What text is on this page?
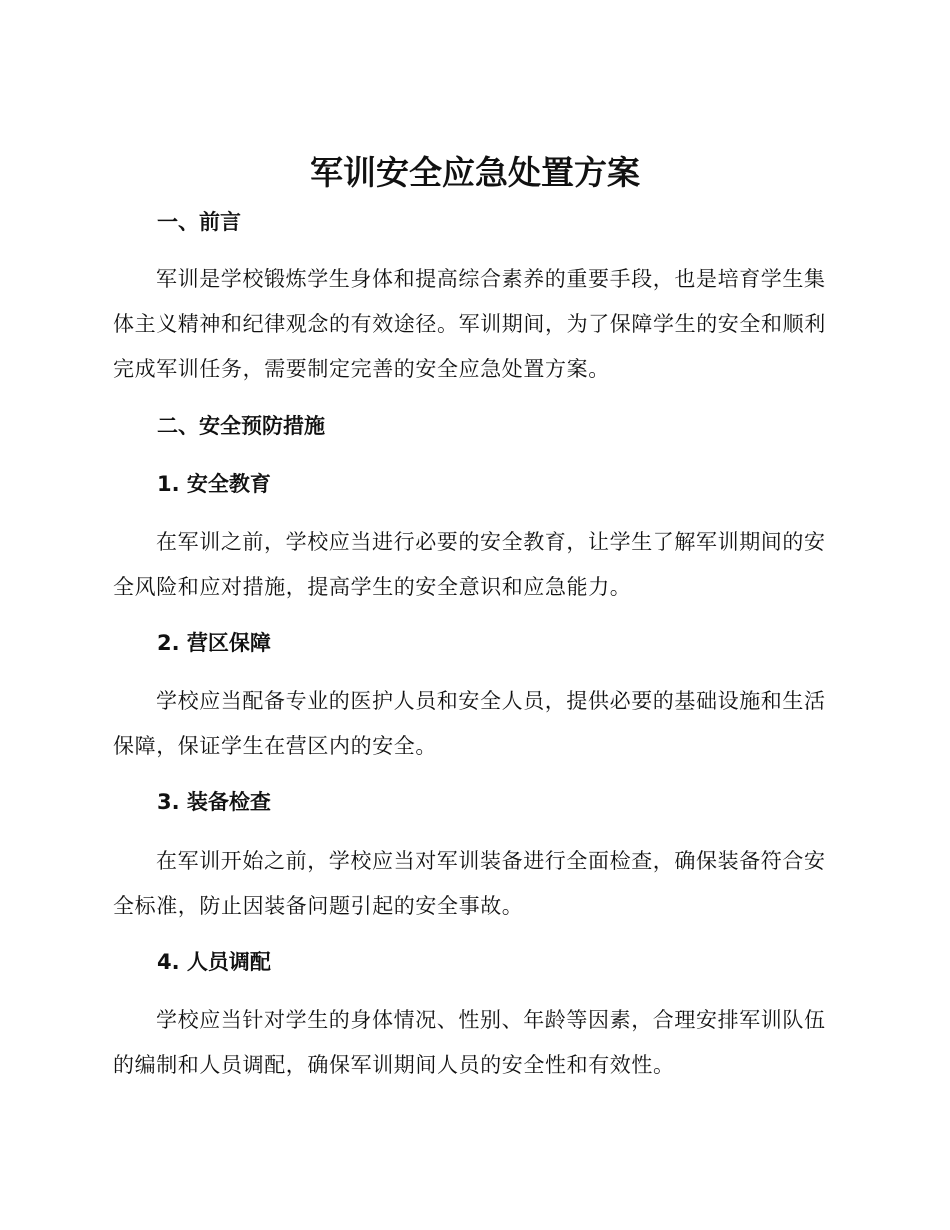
军训安全应急处置方案
一、前言
军训是学校锻炼学生身体和提高综合素养的重要手段，也是培育学生集体主义精神和纪律观念的有效途径。军训期间，为了保障学生的安全和顺利完成军训任务，需要制定完善的安全应急处置方案。
二、安全预防措施
1. 安全教育
在军训之前，学校应当进行必要的安全教育，让学生了解军训期间的安全风险和应对措施，提高学生的安全意识和应急能力。
2. 营区保障
学校应当配备专业的医护人员和安全人员，提供必要的基础设施和生活保障，保证学生在营区内的安全。
3. 装备检查
在军训开始之前，学校应当对军训装备进行全面检查，确保装备符合安全标准，防止因装备问题引起的安全事故。
4. 人员调配
学校应当针对学生的身体情况、性别、年龄等因素，合理安排军训队伍的编制和人员调配，确保军训期间人员的安全性和有效性。
